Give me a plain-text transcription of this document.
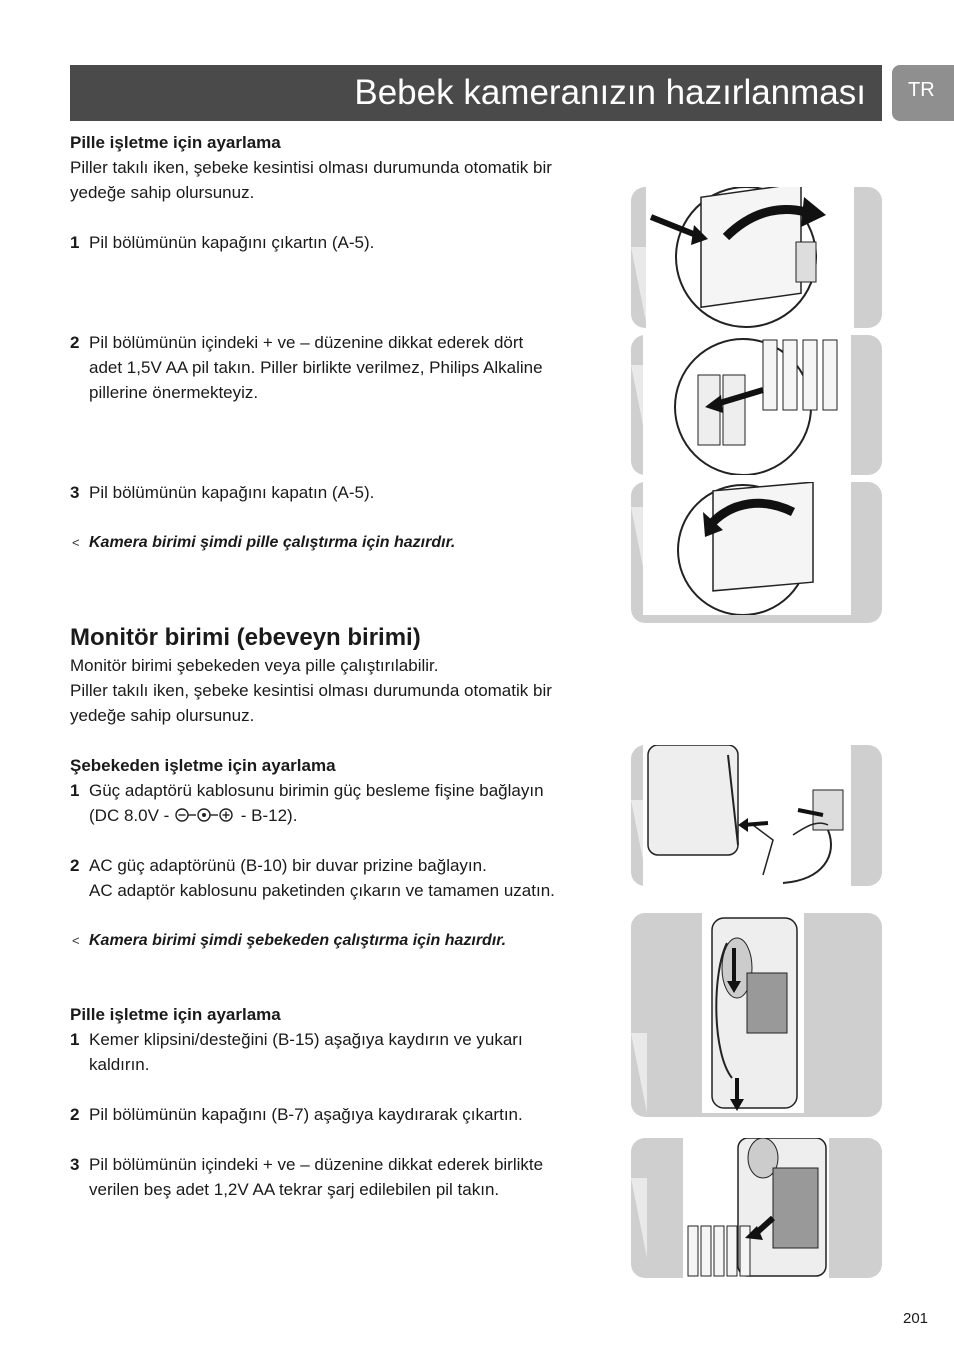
Bebek kameranızın hazırlanması TR
Pille işletme için ayarlama
Piller takılı iken, şebeke kesintisi olması durumunda otomatik bir
yedeğe sahip olursunuz.
1 Pil bölümünün kapağını çıkartın (A-5).
2 Pil bölümünün içindeki + ve – düzenine dikkat ederek dört
adet 1,5V AA pil takın. Piller birlikte verilmez, Philips Alkaline
pillerine önermekteyiz.
3 Pil bölümünün kapağını kapatın (A-5).
< Kamera birimi şimdi pille çalıştırma için hazırdır.
Monitör birimi (ebeveyn birimi)
Monitör birimi şebekeden veya pille çalıştırılabilir.
Piller takılı iken, şebeke kesintisi olması durumunda otomatik bir
yedeğe sahip olursunuz.
Şebekeden işletme için ayarlama
1 Güç adaptörü kablosunu birimin güç besleme fişine bağlayın
(DC 8.0V -	- B-12).
2 AC güç adaptörünü (B-10) bir duvar prizine bağlayın.
AC adaptör kablosunu paketinden çıkarın ve tamamen uzatın.
< Kamera birimi şimdi şebekeden çalıştırma için hazırdır.
Pille işletme için ayarlama
1 Kemer klipsini/desteğini (B-15) aşağıya kaydırın ve yukarı
kaldırın.
2 Pil bölümünün kapağını (B-7) aşağıya kaydırarak çıkartın.
3 Pil bölümünün içindeki + ve – düzenine dikkat ederek birlikte
verilen beş adet 1,2V AA tekrar şarj edilebilen pil takın.
201
